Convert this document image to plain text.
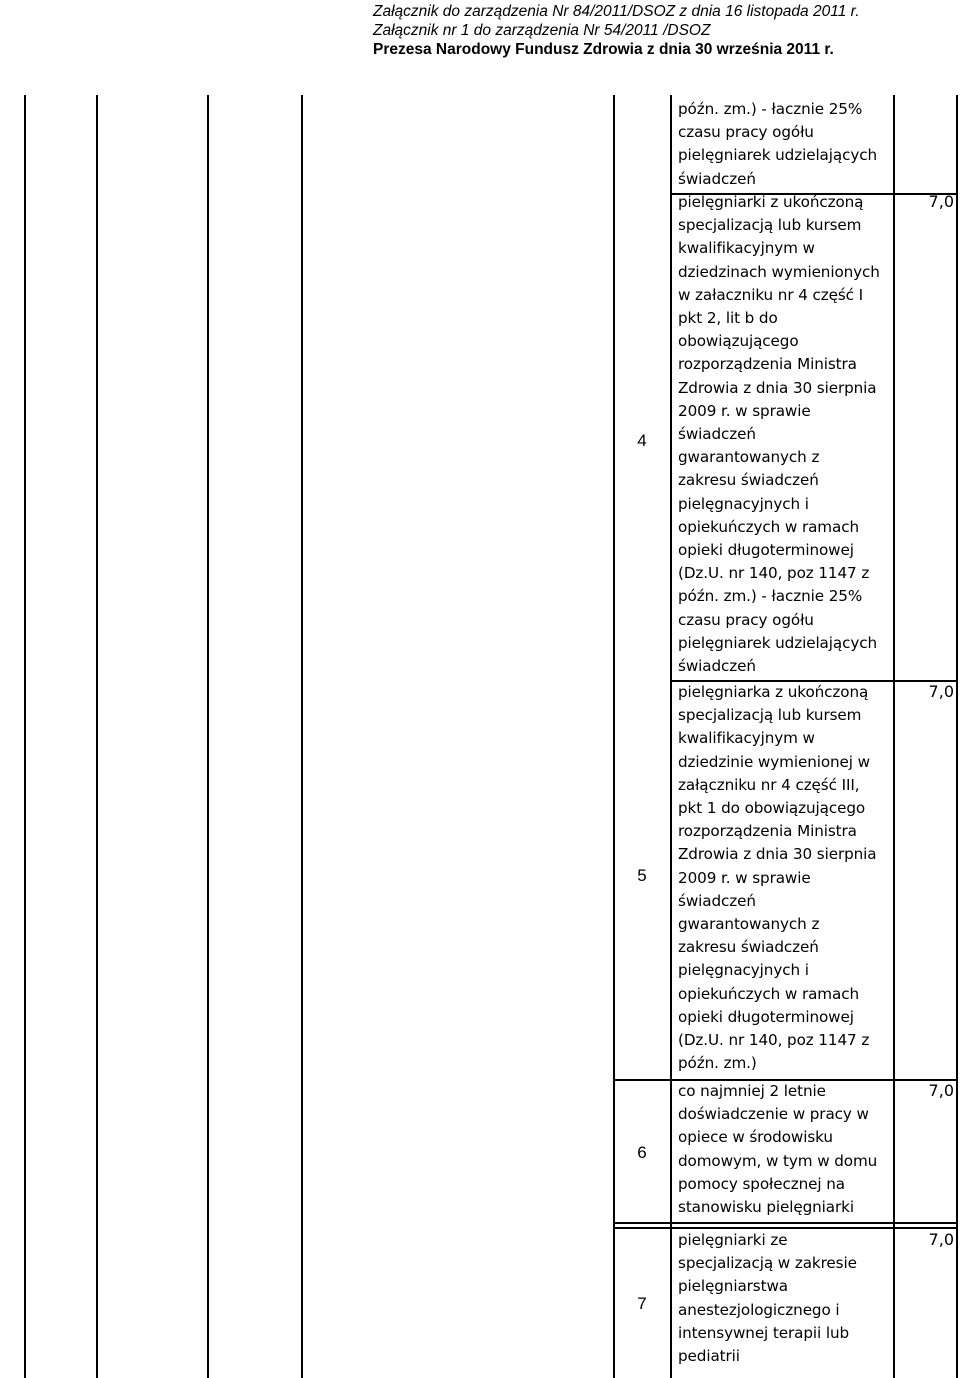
Załącznik do zarządzenia Nr 84/2011/DSOZ z dnia 16 listopada 2011 r.
Załącznik nr 1 do zarządzenia Nr 54/2011 /DSOZ
Prezesa Narodowy Fundusz Zdrowia z dnia 30 września 2011 r.
późn. zm.) - łacznie 25%
czasu pracy ogółu
pielęgniarek udzielających
świadczeń
4
pielęgniarki z ukończoną
specjalizacją lub kursem
kwalifikacyjnym w
dziedzinach wymienionych
w załaczniku nr 4 część I
pkt 2, lit b do
obowiązującego
rozporządzenia Ministra
Zdrowia z dnia 30 sierpnia
2009 r. w sprawie
świadczeń
gwarantowanych z
zakresu świadczeń
pielęgnacyjnych i
opiekuńczych w ramach
opieki długoterminowej
(Dz.U. nr 140, poz 1147 z
późn. zm.) - łacznie 25%
czasu pracy ogółu
pielęgniarek udzielających
świadczeń
7,0
5
pielęgniarka z ukończoną
specjalizacją lub kursem
kwalifikacyjnym w
dziedzinie wymienionej w
załączniku nr 4 część III,
pkt 1 do obowiązującego
rozporządzenia Ministra
Zdrowia z dnia 30 sierpnia
2009 r. w sprawie
świadczeń
gwarantowanych z
zakresu świadczeń
pielęgnacyjnych i
opiekuńczych w ramach
opieki długoterminowej
(Dz.U. nr 140, poz 1147 z
późn. zm.)
7,0
6
co najmniej 2 letnie
doświadczenie w pracy w
opiece w środowisku
domowym, w tym w domu
pomocy społecznej na
stanowisku pielęgniarki
7,0
7
pielęgniarki ze
specjalizacją w zakresie
pielęgniarstwa
anestezjologicznego i
intensywnej terapii lub
pediatrii
7,0
